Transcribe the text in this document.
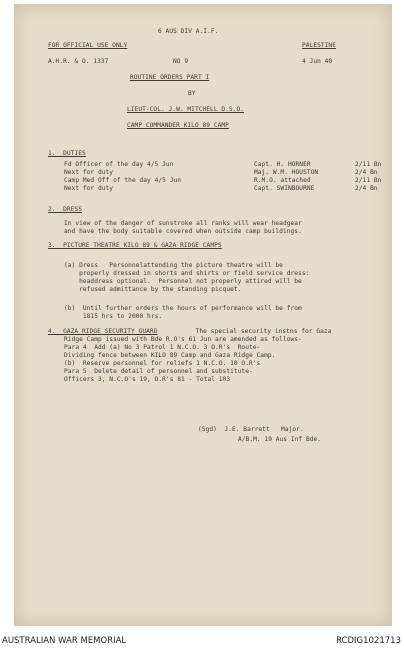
6 AUS DIV A.I.F.
FOR OFFICIAL USE ONLY	PALESTINE
A.H.R. & O. 1337	NO 9	4 Jun 40
ROUTINE ORDERS PART I
BY
LIEUT-COL. J.W. MITCHELL D.S.O.
CAMP COMMANDER KILO 89 CAMP
1.  DUTIES
Fd Officer of the day 4/5 Jun	Capt. H. HORNER	2/11 Bn
Next for duty	Maj. W.M. HOUSTON	2/4 Bn
Camp Med Off of the day 4/5 Jun	R.M.O. attached	2/11 Bn
Next for duty	Capt. SWINBOURNE	2/4 Bn
2.  DRESS
In view of the danger of sunstroke all ranks will wear headgear
and have the body suitable covered when outside camp buildings.
3.  PICTURE THEATRE KILO 89 & GAZA RIDGE CAMPS
(a) Dress   Personnelattending the picture theatre will be
properly dressed in shorts and shirts or field service dress:
headdress optional.  Personnel not properly attired will be
refused admittance by the standing picquet.
(b)  Until further orders the hours of performance will be from
1815 hrs to 2000 hrs.
4.  GAZA RIDGE SECURITY GUARD	The special security instns for Gaza
Ridge Camp issued with Bde R.O's 61 Jun are amended as follows-
Para 4  Add (a) No 3 Patrol 1 N.C.O. 3 O.R's  Route-
Dividing fence between KILO 89 Camp and Gaza Ridge Camp.
(b)  Reserve personnel for reliefs 1 N.C.O. 10 O.R's
Para 5  Delete detail of personnel and substitute-
Officers 3, N.C.O's 19, O.R's 81 - Total 103
(Sgd)  J.E. Barrett   Major.
A/B.M. 19 Aus Inf Bde.
AUSTRALIAN WAR MEMORIAL	RCDIG1021713
